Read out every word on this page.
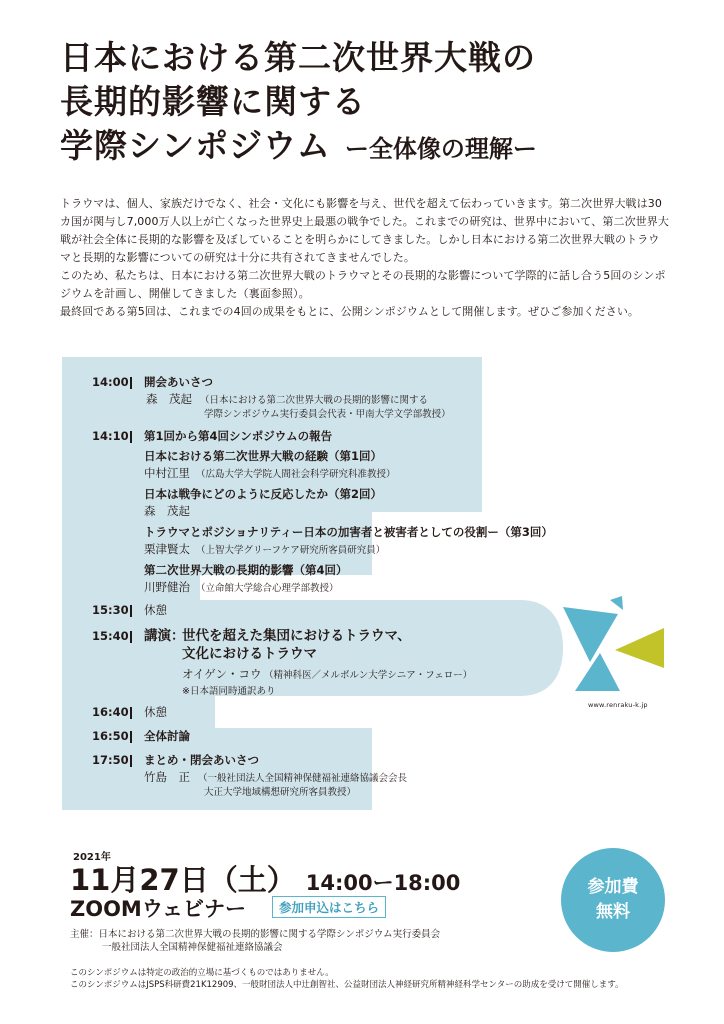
日本における第二次世界大戦の
長期的影響に関する
学際シンポジウム ー全体像の理解ー

トラウマは、個人、家族だけでなく、社会・文化にも影響を与え、世代を超えて伝わっていきます。第二次世界大戦は30カ国が関与し7,000万人以上が亡くなった世界史上最悪の戦争でした。これまでの研究は、世界中において、第二次世界大戦が社会全体に長期的な影響を及ぼしていることを明らかにしてきました。しかし日本における第二次世界大戦のトラウマと長期的な影響についての研究は十分に共有されてきませんでした。

このため、私たちは、日本における第二次世界大戦のトラウマとその長期的な影響について学際的に話し合う5回のシンポジウムを計画し、開催してきました（裏面参照）。

最終回である第5回は、これまでの4回の成果をもとに、公開シンポジウムとして開催します。ぜひご参加ください。

14:00	開会あいさつ
森　茂起 （日本における第二次世界大戦の長期的影響に関する
学際シンポジウム実行委員会代表・甲南大学文学部教授）
14:10	第1回から第4回シンポジウムの報告
日本における第二次世界大戦の経験（第1回）
中村江里 （広島大学大学院人間社会科学研究科准教授）
日本は戦争にどのように反応したか（第2回）
森　茂起
トラウマとポジショナリティー日本の加害者と被害者としての役割ー（第3回）
栗津賢太 （上智大学グリーフケア研究所客員研究員）
第二次世界大戦の長期的影響（第4回）
川野健治 （立命館大学総合心理学部教授）
15:30	休憩
15:40	講演：
世代を超えた集団におけるトラウマ、
文化におけるトラウマ
オイゲン・コウ （精神科医／メルボルン大学シニア・フェロー）
※日本語同時通訳あり
16:40	休憩
16:50	全体討論
17:50	まとめ・閉会あいさつ
竹島　正 （一般社団法人全国精神保健福祉連絡協議会会長
大正大学地域構想研究所客員教授）
www.renraku-k.jp
2021年
11月27日（土） 14:00ー18:00
ZOOMウェビナー	参加申込はこちら
主催：日本における第二次世界大戦の長期的影響に関する学際シンポジウム実行委員会
一般社団法人全国精神保健福祉連絡協議会
このシンポジウムは特定の政治的立場に基づくものではありません。
このシンポジウムはJSPS科研費21K12909、一般財団法人中辻創智社、公益財団法人神経研究所精神経科学センターの助成を受けて開催します。
参加費
無料
